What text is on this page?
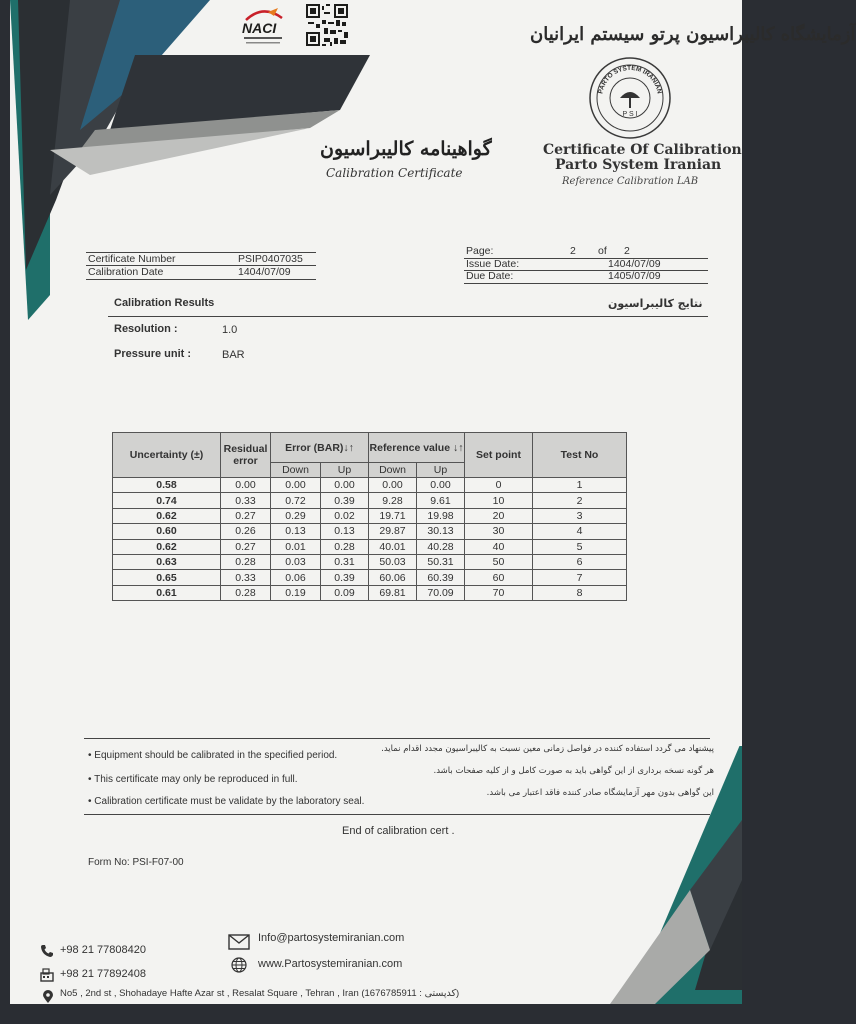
NACI	آزمایشگاه کالیبراسیون پرتو سیستم ایرانیان
PARTO SYSTEM IRANIAN
P S I
Certificate Of Calibration
Parto System Iranian
Reference Calibration LAB
گواهینامه کالیبراسیون
Calibration Certificate
Certificate Number	PSIP0407035
Calibration Date	1404/07/09
Page:	2 of 2
Issue Date:	1404/07/09
Due Date:	1405/07/09
Calibration Results	نتایج کالیبراسیون
Resolution :	1.0
Pressure unit :	BAR
Uncertainty (±)	Residual error	Error (BAR)↓↑		Reference value ↓↑		Set point	Test No
		Down	Up	Down	Up		
0.58	0.00	0.00	0.00	0.00	0.00	0	1
0.74	0.33	0.72	0.39	9.28	9.61	10	2
0.62	0.27	0.29	0.02	19.71	19.98	20	3
0.60	0.26	0.13	0.13	29.87	30.13	30	4
0.62	0.27	0.01	0.28	40.01	40.28	40	5
0.63	0.28	0.03	0.31	50.03	50.31	50	6
0.65	0.33	0.06	0.39	60.06	60.39	60	7
0.61	0.28	0.19	0.09	69.81	70.09	70	8
• Equipment should be calibrated in the specified period.
• This certificate may only be reproduced in full.
• Calibration certificate must be validate by the laboratory seal.
پیشنهاد می گردد استفاده کننده در فواصل زمانی معین نسبت به کالیبراسیون مجدد اقدام نماید.
هر گونه نسخه برداری از این گواهی باید به صورت کامل و از کلیه صفحات باشد.
این گواهی بدون مهر آزمایشگاه صادر کننده فاقد اعتبار می باشد.
End of calibration cert .
Form No: PSI-F07-00
+98 21 77808420
+98 21 77892408
Info@partosystemiranian.com
www.Partosystemiranian.com
No5 , 2nd st , Shohadaye Hafte Azar st , Resalat Square , Tehran , Iran (1676785911 : کدپستی)
